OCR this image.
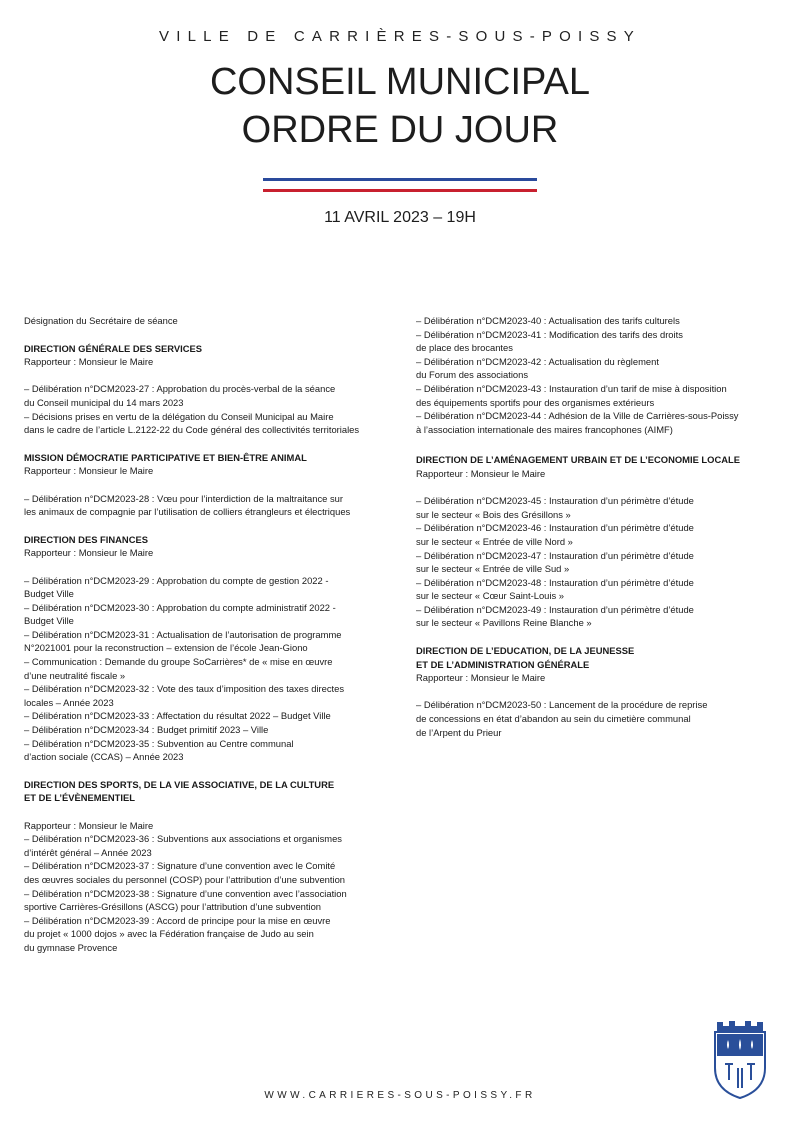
VILLE DE CARRIÈRES-SOUS-POISSY
CONSEIL MUNICIPAL
ORDRE DU JOUR
11 AVRIL 2023 – 19H

Désignation du Secrétaire de séance

DIRECTION GÉNÉRALE DES SERVICES

Rapporteur : Monsieur le Maire

– Délibération n°DCM2023-27 : Approbation du procès-verbal de la séance

du Conseil municipal du 14 mars 2023

– Décisions prises en vertu de la délégation du Conseil Municipal au Maire

dans le cadre de l’article L.2122-22 du Code général des collectivités territoriales

MISSION DÉMOCRATIE PARTICIPATIVE ET BIEN-ÊTRE ANIMAL

Rapporteur : Monsieur le Maire

– Délibération n°DCM2023-28 : Vœu pour l’interdiction de la maltraitance sur

les animaux de compagnie par l’utilisation de colliers étrangleurs et électriques

DIRECTION DES FINANCES

Rapporteur : Monsieur le Maire

– Délibération n°DCM2023-29 : Approbation du compte de gestion 2022 -

Budget Ville

– Délibération n°DCM2023-30 : Approbation du compte administratif 2022 -

Budget Ville

– Délibération n°DCM2023-31 : Actualisation de l’autorisation de programme

N°2021001 pour la reconstruction – extension de l’école Jean-Giono

– Communication : Demande du groupe SoCarrières* de « mise en œuvre

d’une neutralité fiscale »

– Délibération n°DCM2023-32 : Vote des taux d’imposition des taxes directes

locales – Année 2023

– Délibération n°DCM2023-33 : Affectation du résultat 2022 – Budget Ville

– Délibération n°DCM2023-34 : Budget primitif 2023 – Ville

– Délibération n°DCM2023-35 : Subvention au Centre communal

d’action sociale (CCAS) – Année 2023

DIRECTION DES SPORTS, DE LA VIE ASSOCIATIVE, DE LA CULTURE

ET DE L’ÉVÈNEMENTIEL

Rapporteur : Monsieur le Maire

– Délibération n°DCM2023-36 : Subventions aux associations et organismes

d’intérêt général – Année 2023

– Délibération n°DCM2023-37 : Signature d’une convention avec le Comité

des œuvres sociales du personnel (COSP) pour l’attribution d’une subvention

– Délibération n°DCM2023-38 : Signature d’une convention avec l’association

sportive Carrières-Grésillons (ASCG) pour l’attribution d’une subvention

– Délibération n°DCM2023-39 : Accord de principe pour la mise en œuvre

du projet « 1000 dojos » avec la Fédération française de Judo au sein

du gymnase Provence

– Délibération n°DCM2023-40 : Actualisation des tarifs culturels

– Délibération n°DCM2023-41 : Modification des tarifs des droits

de place des brocantes

– Délibération n°DCM2023-42 : Actualisation du règlement

du Forum des associations

– Délibération n°DCM2023-43 : Instauration d’un tarif de mise à disposition

des équipements sportifs pour des organismes extérieurs

– Délibération n°DCM2023-44 : Adhésion de la Ville de Carrières-sous-Poissy

à l’association internationale des maires francophones (AIMF)

DIRECTION DE L’AMÉNAGEMENT URBAIN ET DE L’ECONOMIE LOCALE

Rapporteur : Monsieur le Maire

– Délibération n°DCM2023-45 : Instauration d’un périmètre d’étude

sur le secteur « Bois des Grésillons »

– Délibération n°DCM2023-46 : Instauration d’un périmètre d’étude

sur le secteur « Entrée de ville Nord »

– Délibération n°DCM2023-47 : Instauration d’un périmètre d’étude

sur le secteur « Entrée de ville Sud »

– Délibération n°DCM2023-48 : Instauration d’un périmètre d’étude

sur le secteur « Cœur Saint-Louis »

– Délibération n°DCM2023-49 : Instauration d’un périmètre d’étude

sur le secteur « Pavillons Reine Blanche »

DIRECTION DE L’EDUCATION, DE LA JEUNESSE

ET DE L’ADMINISTRATION GÉNÉRALE

Rapporteur : Monsieur le Maire

– Délibération n°DCM2023-50 : Lancement de la procédure de reprise

de concessions en état d’abandon au sein du cimetière communal

de l’Arpent du Prieur

WWW.CARRIERES-SOUS-POISSY.FR
